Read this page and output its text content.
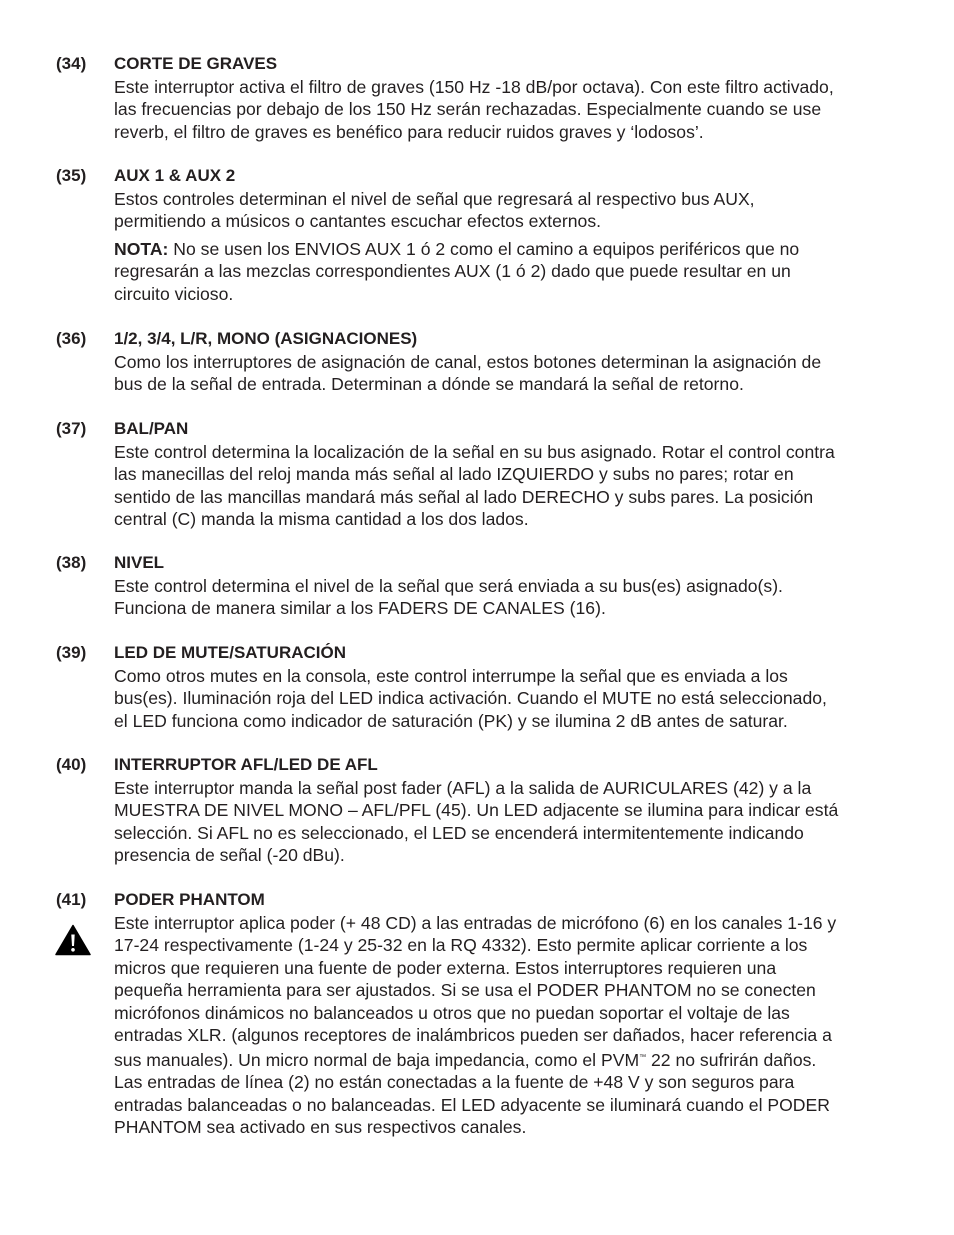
(34) CORTE DE GRAVES

Este interruptor activa el filtro de graves (150 Hz -18 dB/por octava). Con este filtro activado,
las frecuencias por debajo de los 150 Hz serán rechazadas. Especialmente cuando se use
reverb, el filtro de graves es benéfico para reducir ruidos graves y ‘lodosos’.

(35) AUX 1 & AUX 2

Estos controles determinan el nivel de señal que regresará al respectivo bus AUX,
permitiendo a músicos o cantantes escuchar efectos externos.

NOTA: No se usen los ENVIOS AUX 1 ó 2 como el camino a equipos periféricos que no
regresarán a las mezclas correspondientes AUX (1 ó 2) dado que puede resultar en un
circuito vicioso.

(36) 1/2, 3/4, L/R, MONO (ASIGNACIONES)

Como los interruptores de asignación de canal, estos botones determinan la asignación de
bus de la señal de entrada. Determinan a dónde se mandará la señal de retorno.

(37) BAL/PAN

Este control determina la localización de la señal en su bus asignado. Rotar el control contra
las manecillas del reloj manda más señal al lado IZQUIERDO y subs no pares; rotar en
sentido de las mancillas mandará más señal al lado DERECHO y subs pares. La posición
central (C) manda la misma cantidad a los dos lados.

(38) NIVEL

Este control determina el nivel de la señal que será enviada a su bus(es) asignado(s).
Funciona de manera similar a los FADERS DE CANALES (16).

(39) LED DE MUTE/SATURACIÓN

Como otros mutes en la consola, este control interrumpe la señal que es enviada a los
bus(es). Iluminación roja del LED indica activación. Cuando el MUTE no está seleccionado,
el LED funciona como indicador de saturación (PK) y se ilumina 2 dB antes de saturar.

(40) INTERRUPTOR AFL/LED DE AFL

Este interruptor manda la señal post fader (AFL) a la salida de AURICULARES (42) y a la
MUESTRA DE NIVEL MONO – AFL/PFL (45). Un LED adjacente se ilumina para indicar está
selección. Si AFL no es seleccionado, el LED se encenderá intermitentemente indicando
presencia de señal (-20 dBu).

(41) PODER PHANTOM

Este interruptor aplica poder (+ 48 CD) a las entradas de micrófono (6) en los canales 1-16 y
17-24 respectivamente (1-24 y 25-32 en la RQ 4332). Esto permite aplicar corriente a los
micros que requieren una fuente de poder externa. Estos interruptores requieren una
pequeña herramienta para ser ajustados. Si se usa el PODER PHANTOM no se conecten
micrófonos dinámicos no balanceados u otros que no puedan soportar el voltaje de las
entradas XLR. (algunos receptores de inalámbricos pueden ser dañados, hacer referencia a
sus manuales). Un micro normal de baja impedancia, como el PVM™ 22 no sufrirán daños.
Las entradas de línea (2) no están conectadas a la fuente de +48 V y son seguros para
entradas balanceadas o no balanceadas. El LED adyacente se iluminará cuando el PODER
PHANTOM sea activado en sus respectivos canales.
